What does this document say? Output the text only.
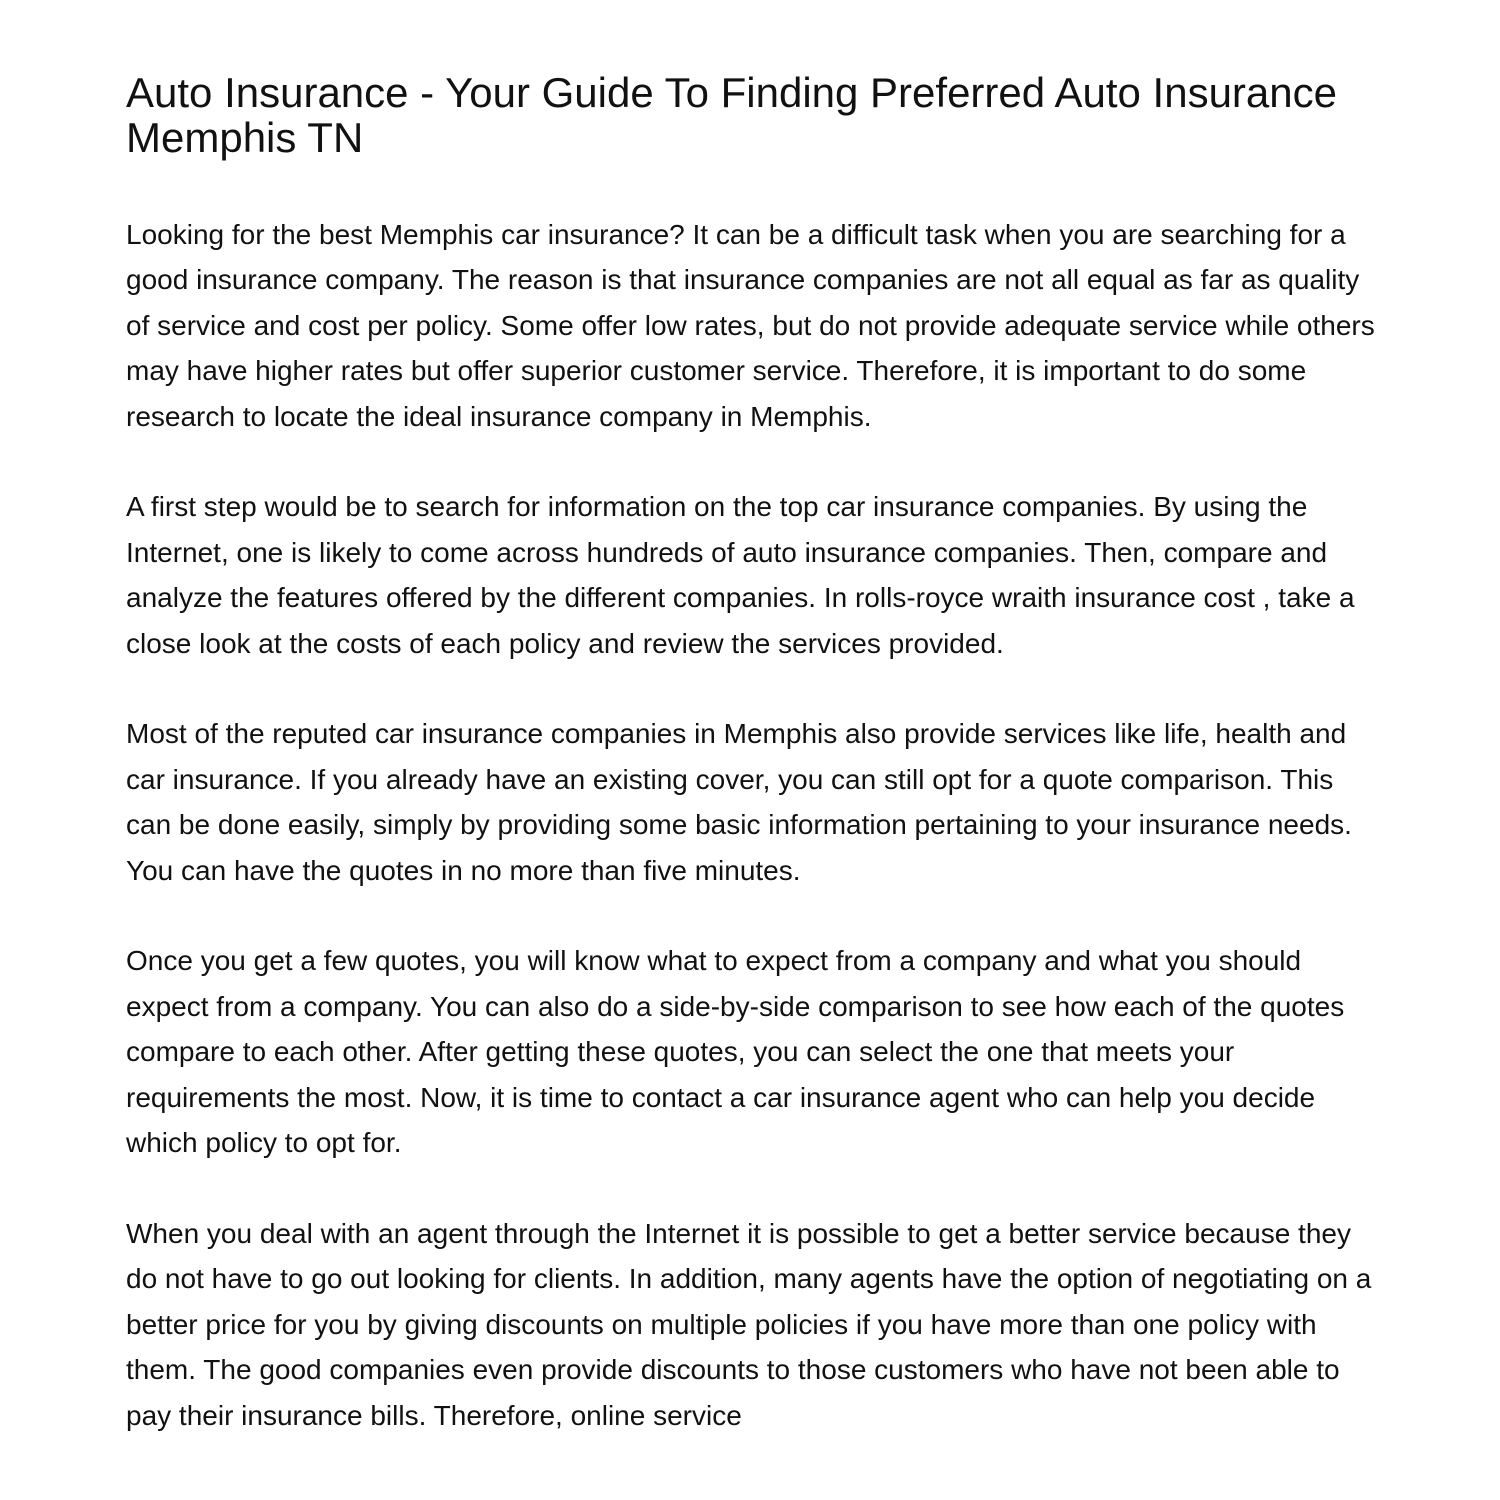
Auto Insurance - Your Guide To Finding Preferred Auto Insurance Memphis TN

Looking for the best Memphis car insurance? It can be a difficult task when you are searching for a good insurance company. The reason is that insurance companies are not all equal as far as quality of service and cost per policy. Some offer low rates, but do not provide adequate service while others may have higher rates but offer superior customer service. Therefore, it is important to do some research to locate the ideal insurance company in Memphis.

A first step would be to search for information on the top car insurance companies. By using the Internet, one is likely to come across hundreds of auto insurance companies. Then, compare and analyze the features offered by the different companies. In rolls-royce wraith insurance cost , take a close look at the costs of each policy and review the services provided.

Most of the reputed car insurance companies in Memphis also provide services like life, health and car insurance. If you already have an existing cover, you can still opt for a quote comparison. This can be done easily, simply by providing some basic information pertaining to your insurance needs. You can have the quotes in no more than five minutes.

Once you get a few quotes, you will know what to expect from a company and what you should expect from a company. You can also do a side-by-side comparison to see how each of the quotes compare to each other. After getting these quotes, you can select the one that meets your requirements the most. Now, it is time to contact a car insurance agent who can help you decide which policy to opt for.

When you deal with an agent through the Internet it is possible to get a better service because they do not have to go out looking for clients. In addition, many agents have the option of negotiating on a better price for you by giving discounts on multiple policies if you have more than one policy with them. The good companies even provide discounts to those customers who have not been able to pay their insurance bills. Therefore, online service
